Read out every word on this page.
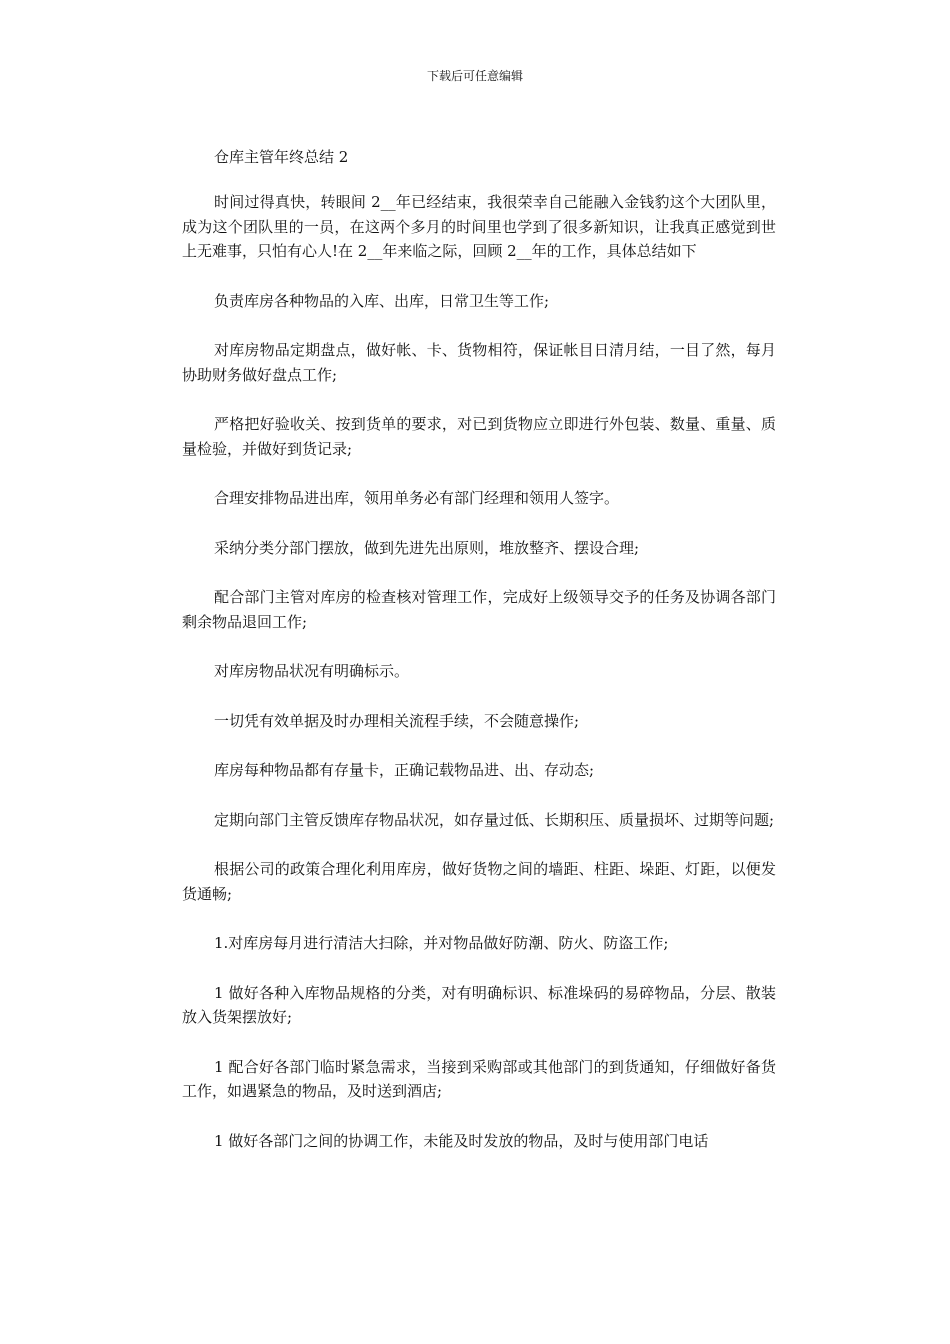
下载后可任意编辑
仓库主管年终总结 2

时间过得真快，转眼间 2__年已经结束，我很荣幸自己能融入金钱豹这个大团队里，成为这个团队里的一员，在这两个多月的时间里也学到了很多新知识，让我真正感觉到世上无难事，只怕有心人!在 2__年来临之际，回顾 2__年的工作，具体总结如下

负责库房各种物品的入库、出库，日常卫生等工作;

对库房物品定期盘点，做好帐、卡、货物相符，保证帐目日清月结，一目了然，每月协助财务做好盘点工作;

严格把好验收关、按到货单的要求，对已到货物应立即进行外包装、数量、重量、质量检验，并做好到货记录;

合理安排物品进出库，领用单务必有部门经理和领用人签字。

采纳分类分部门摆放，做到先进先出原则，堆放整齐、摆设合理;

配合部门主管对库房的检查核对管理工作，完成好上级领导交予的任务及协调各部门剩余物品退回工作;

对库房物品状况有明确标示。

一切凭有效单据及时办理相关流程手续，不会随意操作;

库房每种物品都有存量卡，正确记载物品进、出、存动态;

定期向部门主管反馈库存物品状况，如存量过低、长期积压、质量损坏、过期等问题;

根据公司的政策合理化利用库房，做好货物之间的墙距、柱距、垛距、灯距，以便发货通畅;

1.对库房每月进行清洁大扫除，并对物品做好防潮、防火、防盗工作;

1 做好各种入库物品规格的分类，对有明确标识、标准垛码的易碎物品，分层、散装放入货架摆放好;

1 配合好各部门临时紧急需求，当接到采购部或其他部门的到货通知，仔细做好备货工作，如遇紧急的物品，及时送到酒店;

1 做好各部门之间的协调工作，未能及时发放的物品，及时与使用部门电话
